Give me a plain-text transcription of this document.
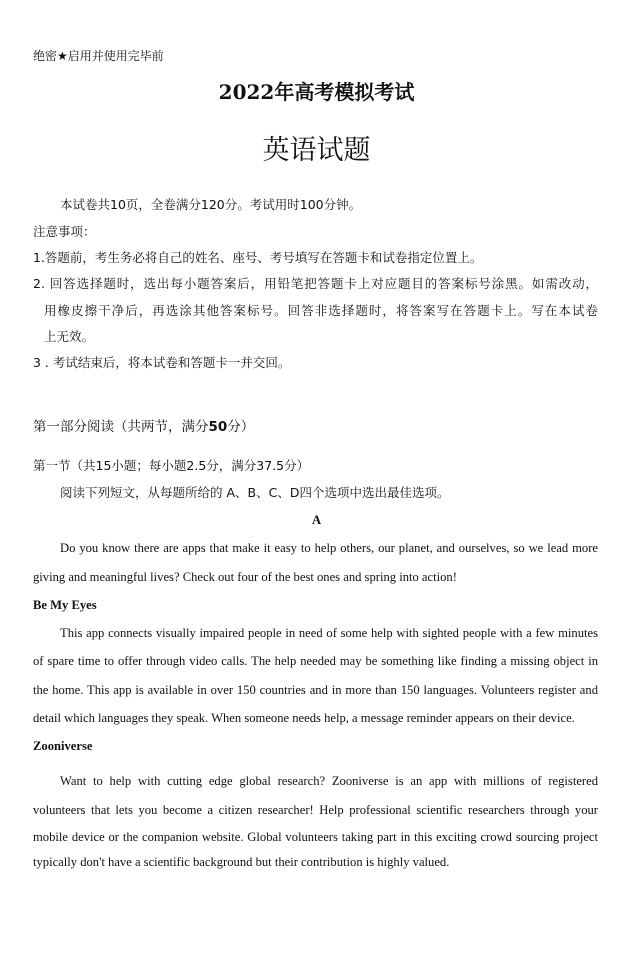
绝密★启用并使用完毕前
2022年高考模拟考试
英语试题
本试卷共10页，全卷满分120分。考试用时100分钟。
注意事项：
1.答题前，考生务必将自己的姓名、座号、考号填写在答题卡和试卷指定位置上。
2. 回答选择题时，选出每小题答案后，用铅笔把答题卡上对应题目的答案标号涂黑。如需改动，
用橡皮擦干净后，再选涂其他答案标号。回答非选择题时，将答案写在答题卡上。写在本试卷
上无效。
3 . 考试结束后，将本试卷和答题卡一并交回。
第一部分阅读（共两节，满分50分）
第一节（共15小题；每小题2.5分，满分37.5分）
阅读下列短文，从每题所给的 A、B、C、D四个选项中选出最佳选项。
A
Do you know there are apps that make it easy to help others, our planet, and ourselves, so we lead more
giving and meaningful lives? Check out four of the best ones and spring into action!
Be My Eyes
This app connects visually impaired people in need of some help with sighted people with a few minutes
of spare time to offer through video calls. The help needed may be something like finding a missing object in
the home. This app is available in over 150 countries and in more than 150 languages. Volunteers register and
detail which languages they speak. When someone needs help, a message reminder appears on their device.
Zooniverse
Want to help with cutting edge global research? Zooniverse is an app with millions of registered
volunteers that lets you become a citizen researcher! Help professional scientific researchers through your
mobile device or the companion website. Global volunteers taking part in this exciting crowd sourcing project
typically don't have a scientific background but their contribution is highly valued.
